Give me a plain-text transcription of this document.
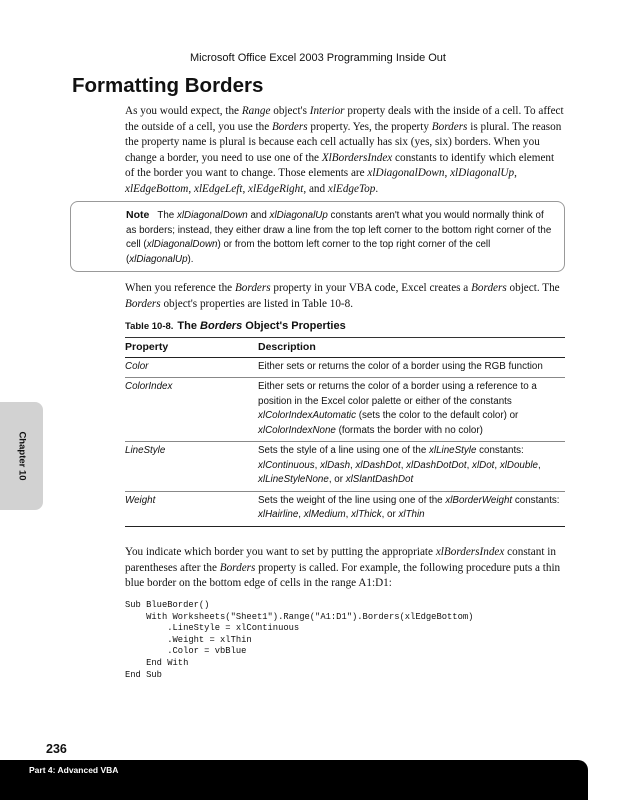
Microsoft Office Excel 2003 Programming Inside Out
Formatting Borders

As you would expect, the Range object's Interior property deals with the inside of a cell. To affect the outside of a cell, you use the Borders property. Yes, the property Borders is plural. The reason the property name is plural is because each cell actually has six (yes, six) borders. When you change a border, you need to use one of the XlBordersIndex constants to identify which element of the border you want to change. Those elements are xlDiagonalDown, xlDiagonalUp, xlEdgeBottom, xlEdgeLeft, xlEdgeRight, and xlEdgeTop.

Note The xlDiagonalDown and xlDiagonalUp constants aren't what you would normally think of as borders; instead, they either draw a line from the top left corner to the bottom right corner of the cell (xlDiagonalDown) or from the bottom left corner to the top right corner of the cell (xlDiagonalUp).

When you reference the Borders property in your VBA code, Excel creates a Borders object. The Borders object's properties are listed in Table 10-8.

Table 10-8. The Borders Object's Properties
Property	Description
Color	Either sets or returns the color of a border using the RGB function
ColorIndex	Either sets or returns the color of a border using a reference to a position in the Excel color palette or either of the constants xlColorIndexAutomatic (sets the color to the default color) or xlColorIndexNone (formats the border with no color)
LineStyle	Sets the style of a line using one of the xlLineStyle constants: xlContinuous, xlDash, xlDashDot, xlDashDotDot, xlDot, xlDouble, xlLineStyleNone, or xlSlantDashDot
Weight	Sets the weight of the line using one of the xlBorderWeight constants: xlHairline, xlMedium, xlThick, or xlThin

You indicate which border you want to set by putting the appropriate xlBordersIndex constant in parentheses after the Borders property is called. For example, the following procedure puts a thin blue border on the bottom edge of cells in the range A1:D1:

Sub BlueBorder()
With Worksheets("Sheet1").Range("A1:D1").Borders(xlEdgeBottom)
.LineStyle = xlContinuous
.Weight = xlThin
.Color = vbBlue
End With
End Sub
Chapter 10
236
Part 4: Advanced VBA
